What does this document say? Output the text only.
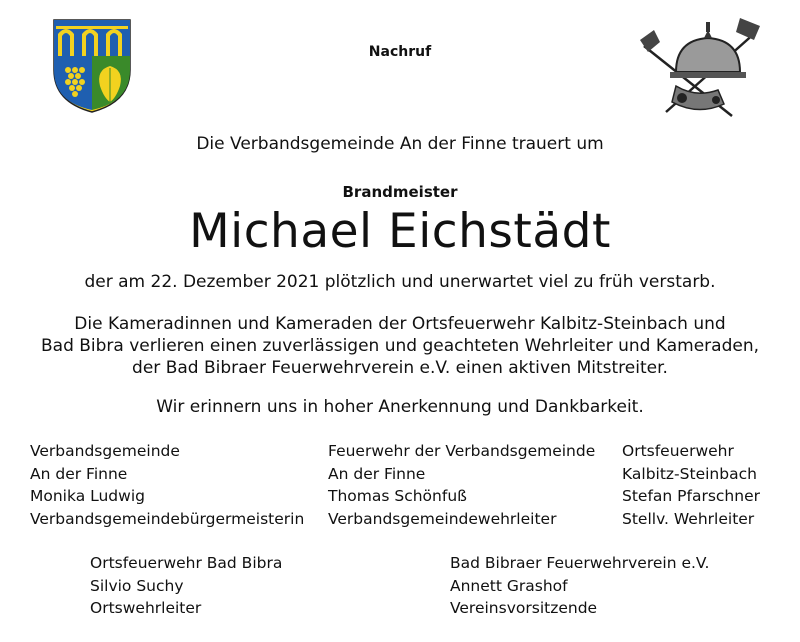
Nachruf
Die Verbandsgemeinde An der Finne trauert um
Brandmeister
Michael Eichstädt
der am 22. Dezember 2021 plötzlich und unerwartet viel zu früh verstarb.
Die Kameradinnen und Kameraden der Ortsfeuerwehr Kalbitz-Steinbach und
Bad Bibra verlieren einen zuverlässigen und geachteten Wehrleiter und Kameraden,
der Bad Bibraer Feuerwehrverein e.V. einen aktiven Mitstreiter.
Wir erinnern uns in hoher Anerkennung und Dankbarkeit.
Verbandsgemeinde
An der Finne
Monika Ludwig
Verbandsgemeindebürgermeisterin
Feuerwehr der Verbandsgemeinde
An der Finne
Thomas Schönfuß
Verbandsgemeindewehrleiter
Ortsfeuerwehr
Kalbitz-Steinbach
Stefan Pfarschner
Stellv. Wehrleiter
Ortsfeuerwehr Bad Bibra
Silvio Suchy
Ortswehrleiter
Bad Bibraer Feuerwehrverein e.V.
Annett Grashof
Vereinsvorsitzende
